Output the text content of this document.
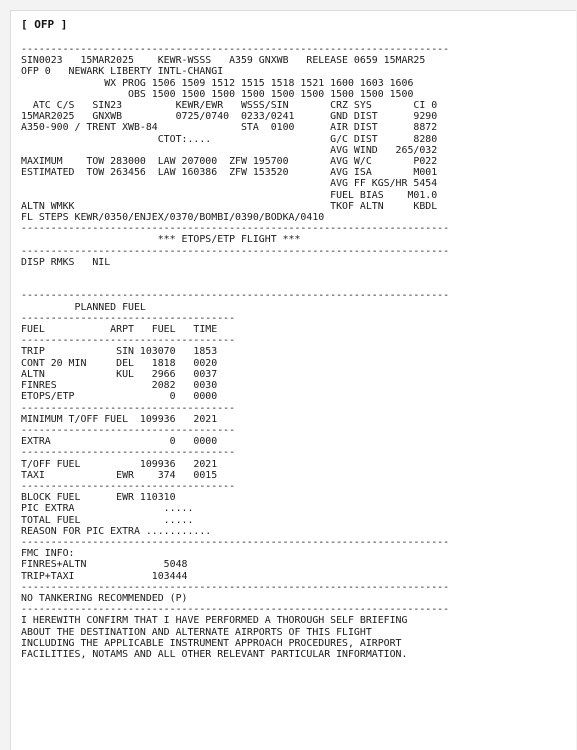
[ OFP ]
------------------------------------------------------------------------
SIN0023   15MAR2025    KEWR-WSSS   A359 GNXWB   RELEASE 0659 15MAR25
OFP 0   NEWARK LIBERTY INTL-CHANGI
WX PROG 1506 1509 1512 1515 1518 1521 1600 1603 1606
OBS 1500 1500 1500 1500 1500 1500 1500 1500 1500
ATC C/S   SIN23         KEWR/EWR   WSSS/SIN       CRZ SYS       CI 0
15MAR2025   GNXWB         0725/0740  0233/0241      GND DIST      9290
A350-900 / TRENT XWB-84              STA  0100      AIR DIST      8872
CTOT:....                    G/C DIST      8280
AVG WIND   265/032
MAXIMUM    TOW 283000  LAW 207000  ZFW 195700       AVG W/C       P022
ESTIMATED  TOW 263456  LAW 160386  ZFW 153520       AVG ISA       M001
AVG FF KGS/HR 5454
FUEL BIAS    M01.0
ALTN WMKK                                           TKOF ALTN     KBDL
FL STEPS KEWR/0350/ENJEX/0370/BOMBI/0390/BODKA/0410
------------------------------------------------------------------------
*** ETOPS/ETP FLIGHT ***
------------------------------------------------------------------------
DISP RMKS   NIL

------------------------------------------------------------------------
PLANNED FUEL
------------------------------------
FUEL           ARPT   FUEL   TIME
------------------------------------
TRIP            SIN 103070   1853
CONT 20 MIN     DEL   1818   0020
ALTN            KUL   2966   0037
FINRES                2082   0030
ETOPS/ETP                0   0000
------------------------------------
MINIMUM T/OFF FUEL  109936   2021
------------------------------------
EXTRA                    0   0000
------------------------------------
T/OFF FUEL          109936   2021
TAXI            EWR    374   0015
------------------------------------
BLOCK FUEL      EWR 110310
PIC EXTRA               .....
TOTAL FUEL              .....
REASON FOR PIC EXTRA ...........
------------------------------------------------------------------------
FMC INFO:
FINRES+ALTN             5048
TRIP+TAXI             103444
------------------------------------------------------------------------
NO TANKERING RECOMMENDED (P)
------------------------------------------------------------------------
I HEREWITH CONFIRM THAT I HAVE PERFORMED A THOROUGH SELF BRIEFING
ABOUT THE DESTINATION AND ALTERNATE AIRPORTS OF THIS FLIGHT
INCLUDING THE APPLICABLE INSTRUMENT APPROACH PROCEDURES, AIRPORT
FACILITIES, NOTAMS AND ALL OTHER RELEVANT PARTICULAR INFORMATION.
